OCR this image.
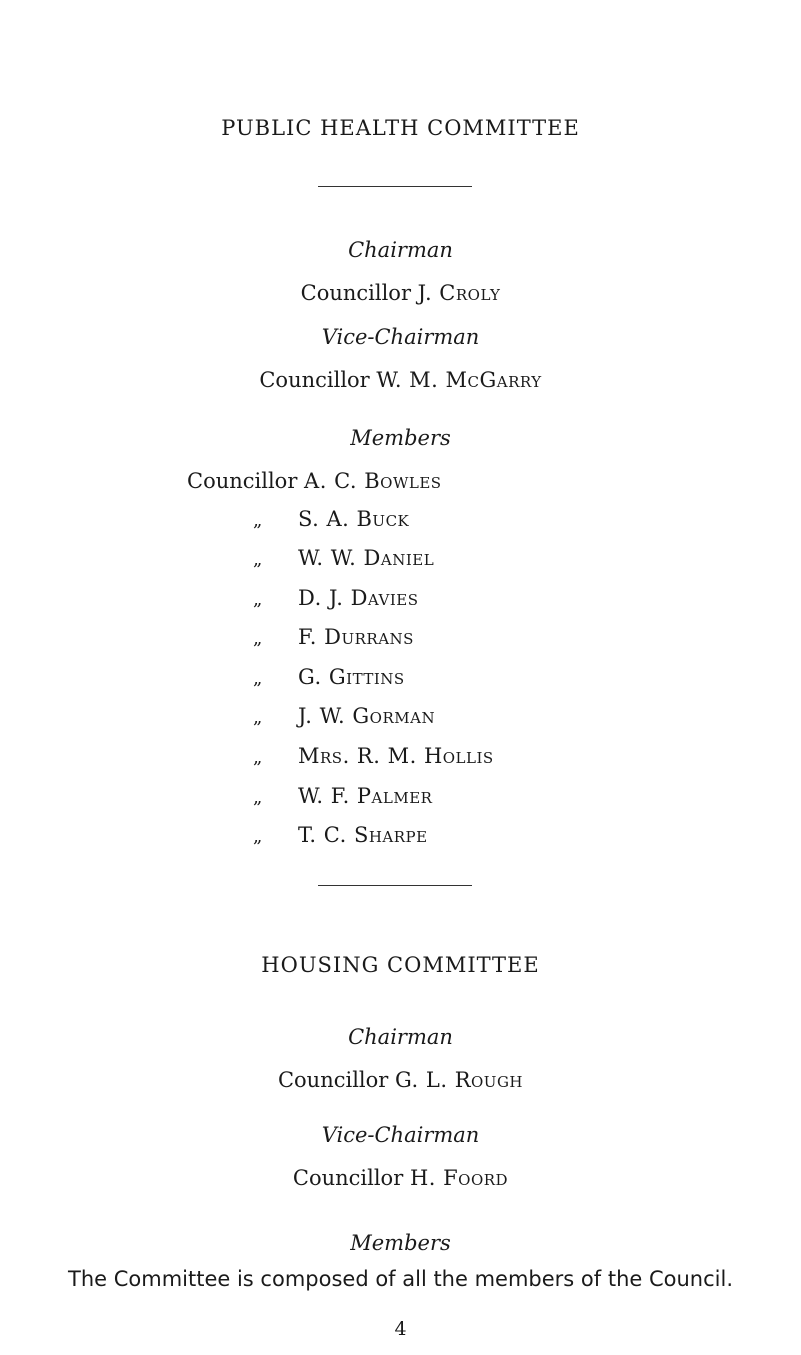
PUBLIC HEALTH COMMITTEE
Chairman
Councillor J. Croly
Vice-Chairman
Councillor W. M. McGarry
Members
Councillor A. C. Bowles
„	S. A. Buck
„	W. W. Daniel
„	D. J. Davies
„	F. Durrans
„	G. Gittins
„	J. W. Gorman
„	Mrs. R. M. Hollis
„	W. F. Palmer
„	T. C. Sharpe
HOUSING COMMITTEE
Chairman
Councillor G. L. Rough
Vice-Chairman
Councillor H. Foord
Members
The Committee is composed of all the members of the Council.
4
